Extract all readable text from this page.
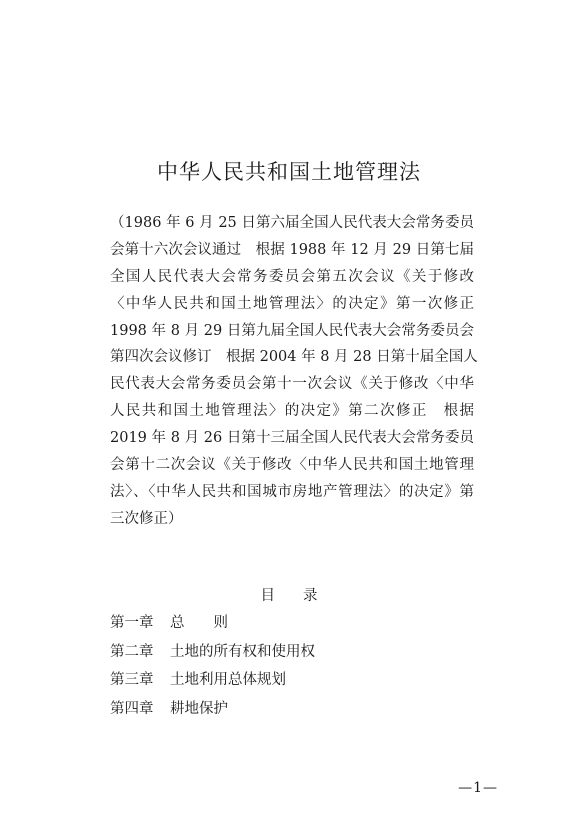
中华人民共和国土地管理法
（1986 年 6 月 25 日第六届全国人民代表大会常务委员
会第十六次会议通过　根据 1988 年 12 月 29 日第七届
全国人民代表大会常务委员会第五次会议《关于修改
〈中华人民共和国土地管理法〉的决定》第一次修正
1998 年 8 月 29 日第九届全国人民代表大会常务委员会
第四次会议修订　根据 2004 年 8 月 28 日第十届全国人
民代表大会常务委员会第十一次会议《关于修改〈中华
人民共和国土地管理法〉的决定》第二次修正　根据
2019 年 8 月 26 日第十三届全国人民代表大会常务委员
会第十二次会议《关于修改〈中华人民共和国土地管理
法〉、〈中华人民共和国城市房地产管理法〉的决定》第
三次修正）
目录
第一章 总　　则
第二章 土地的所有权和使用权
第三章 土地利用总体规划
第四章 耕地保护
—1—
